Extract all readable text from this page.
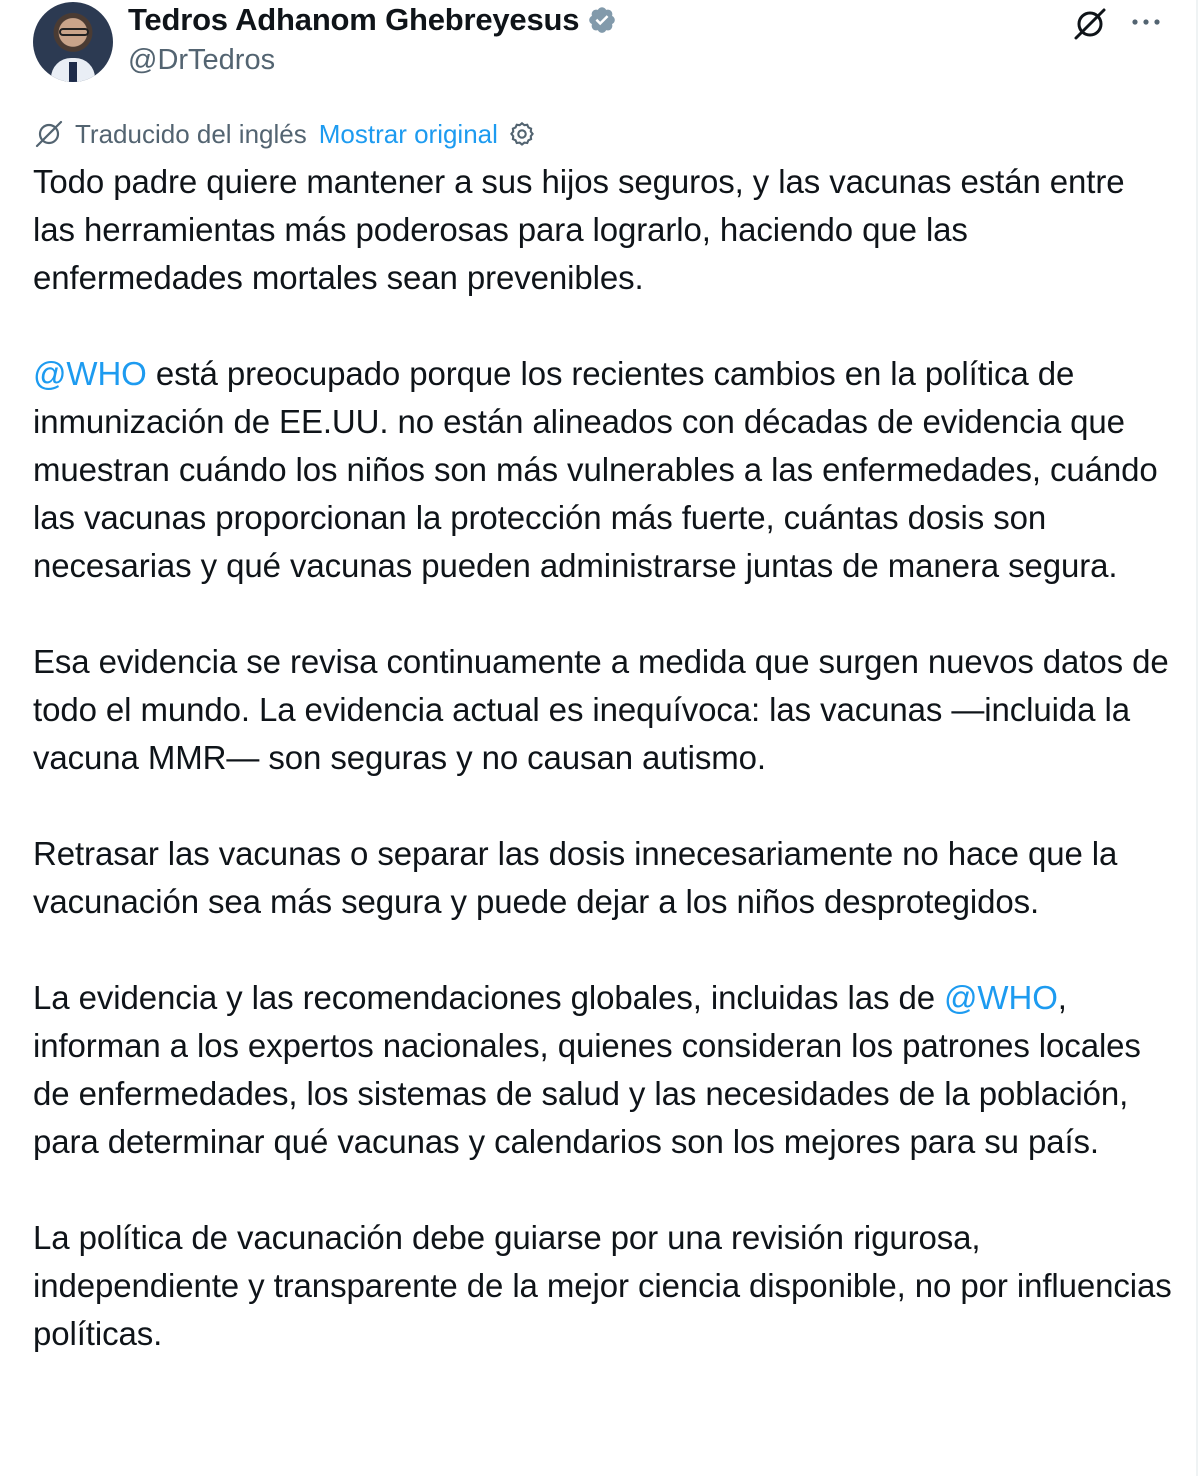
Tedros Adhanom Ghebreyesus
@DrTedros
Traducido del inglés Mostrar original

Todo padre quiere mantener a sus hijos seguros, y las vacunas están entre las herramientas más poderosas para lograrlo, haciendo que las enfermedades mortales sean prevenibles.

@WHO está preocupado porque los recientes cambios en la política de inmunización de EE.UU. no están alineados con décadas de evidencia que muestran cuándo los niños son más vulnerables a las enfermedades, cuándo las vacunas proporcionan la protección más fuerte, cuántas dosis son necesarias y qué vacunas pueden administrarse juntas de manera segura.

Esa evidencia se revisa continuamente a medida que surgen nuevos datos de todo el mundo. La evidencia actual es inequívoca: las vacunas —incluida la vacuna MMR— son seguras y no causan autismo.

Retrasar las vacunas o separar las dosis innecesariamente no hace que la vacunación sea más segura y puede dejar a los niños desprotegidos.

La evidencia y las recomendaciones globales, incluidas las de @WHO, informan a los expertos nacionales, quienes consideran los patrones locales de enfermedades, los sistemas de salud y las necesidades de la población, para determinar qué vacunas y calendarios son los mejores para su país.

La política de vacunación debe guiarse por una revisión rigurosa, independiente y transparente de la mejor ciencia disponible, no por influencias políticas.
